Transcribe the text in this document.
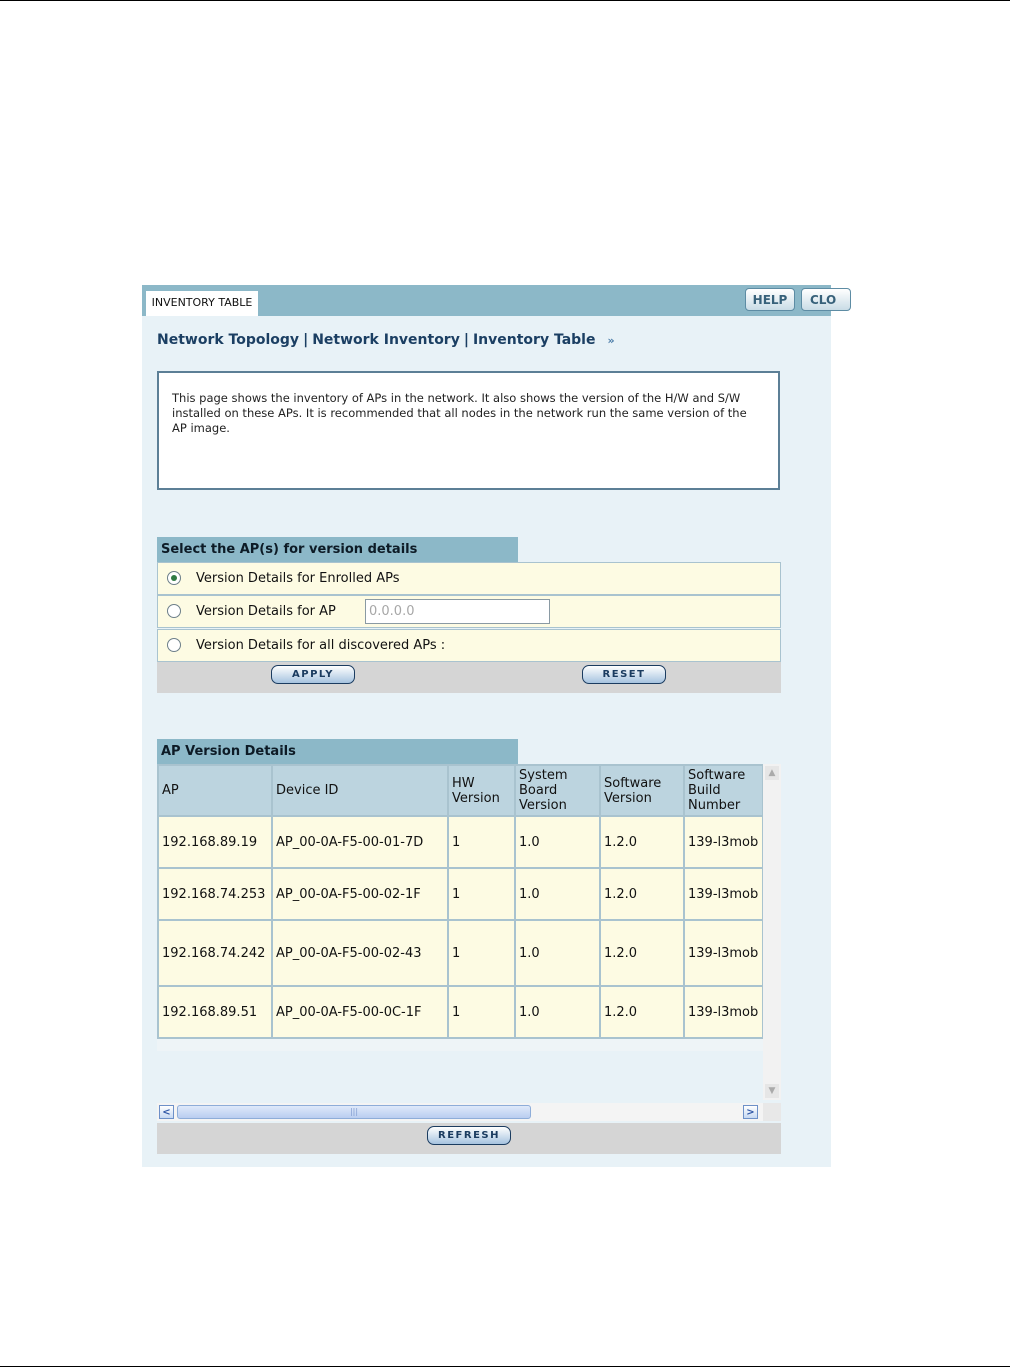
INVENTORY TABLE	HELP	CLO
Network Topology | Network Inventory | Inventory Table »
This page shows the inventory of APs in the network. It also shows the version of the H/W and S/W installed on these APs. It is recommended that all nodes in the network run the same version of the AP image.
Select the AP(s) for version details
Version Details for Enrolled APs
Version Details for AP	0.0.0.0
Version Details for all discovered APs :
APPLY	RESET
AP Version Details
AP	Device ID	HW Version	System Board Version	Software Version	Software Build Number
192.168.89.19	AP_00-0A-F5-00-01-7D	1	1.0	1.2.0	139-l3mob
192.168.74.253	AP_00-0A-F5-00-02-1F	1	1.0	1.2.0	139-l3mob
192.168.74.242	AP_00-0A-F5-00-02-43	1	1.0	1.2.0	139-l3mob
192.168.89.51	AP_00-0A-F5-00-0C-1F	1	1.0	1.2.0	139-l3mob
▲
▼
<	|||	>
REFRESH
